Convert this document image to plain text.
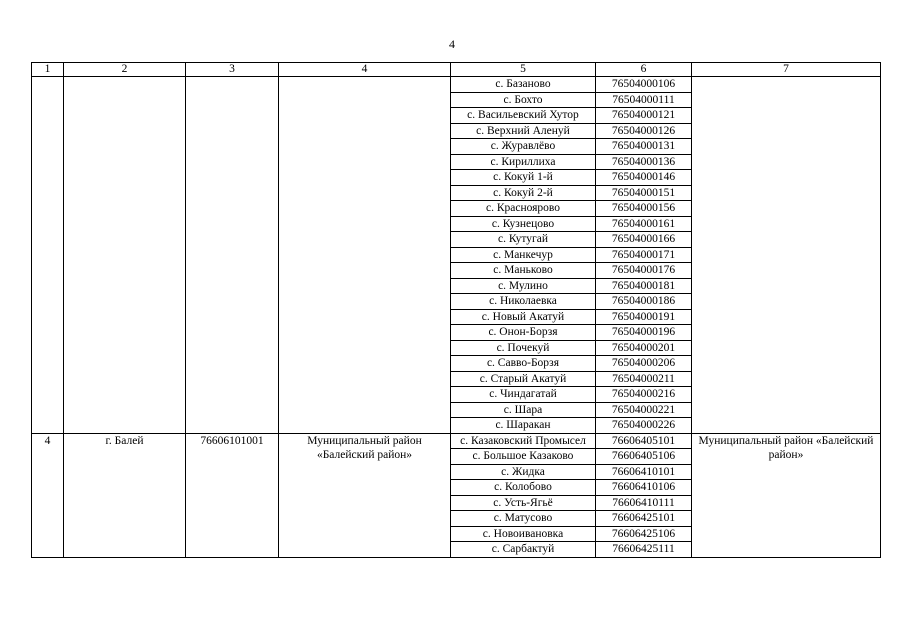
4
1	2	3	4	5	6	7
				с. Базаново	76504000106	
				с. Бохто	76504000111	
				с. Васильевский Хутор	76504000121	
				с. Верхний Аленуй	76504000126	
				с. Журавлёво	76504000131	
				с. Кириллиха	76504000136	
				с. Кокуй 1-й	76504000146	
				с. Кокуй 2-й	76504000151	
				с. Красноярово	76504000156	
				с. Кузнецово	76504000161	
				с. Кутугай	76504000166	
				с. Манкечур	76504000171	
				с. Маньково	76504000176	
				с. Мулино	76504000181	
				с. Николаевка	76504000186	
				с. Новый Акатуй	76504000191	
				с. Онон-Борзя	76504000196	
				с. Почекуй	76504000201	
				с. Савво-Борзя	76504000206	
				с. Старый Акатуй	76504000211	
				с. Чиндагатай	76504000216	
				с. Шара	76504000221	
				с. Шаракан	76504000226	
4	г. Балей	76606101001	Муниципальный район «Балейский район»	с. Казаковский Промысел	76606405101	Муниципальный район «Балейский район»
				с. Большое Казаково	76606405106	
				с. Жидка	76606410101	
				с. Колобово	76606410106	
				с. Усть-Ягьё	76606410111	
				с. Матусово	76606425101	
				с. Новоивановка	76606425106	
				с. Сарбактуй	76606425111	
